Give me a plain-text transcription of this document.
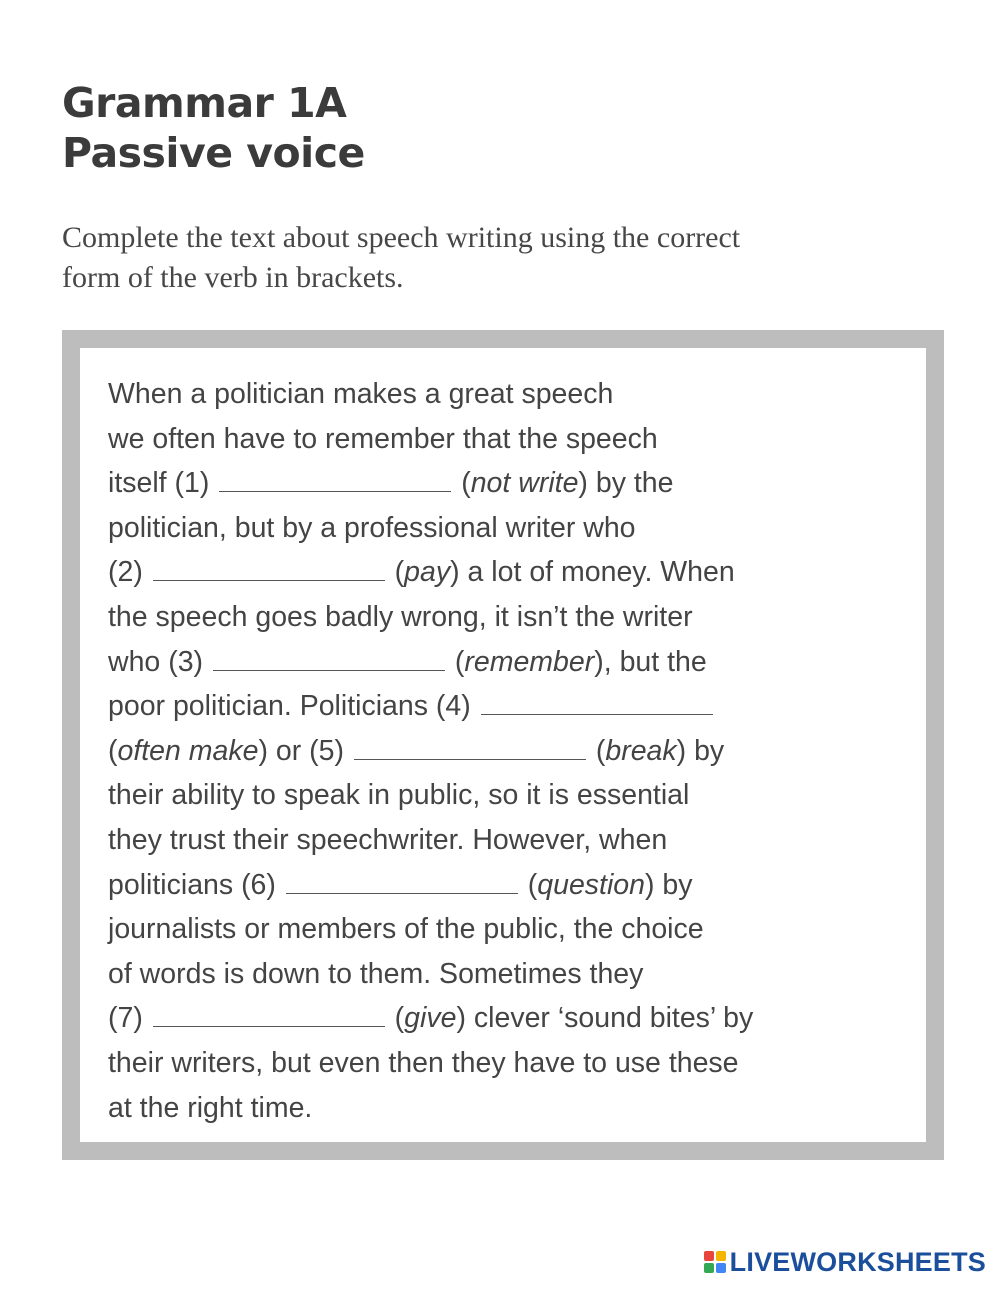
Grammar 1A
Passive voice
Complete the text about speech writing using the correct
form of the verb in brackets.
When a politician makes a great speech
we often have to remember that the speech
itself (1)	(not write) by the
politician, but by a professional writer who
(2)	(pay) a lot of money. When
the speech goes badly wrong, it isn’t the writer
who (3)	(remember), but the
poor politician. Politicians (4)
(often make) or (5)	(break) by
their ability to speak in public, so it is essential
they trust their speechwriter. However, when
politicians (6)	(question) by
journalists or members of the public, the choice
of words is down to them. Sometimes they
(7)	(give) clever ‘sound bites’ by
their writers, but even then they have to use these
at the right time.
LIVEWORKSHEETS
